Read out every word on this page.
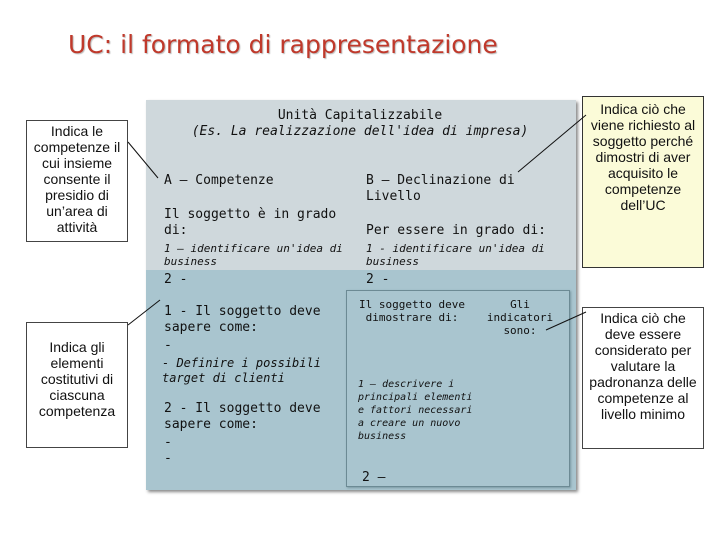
UC: il formato di rappresentazione
Indica le competenze il cui insieme consente il presidio di un’area di attività
Indica gli elementi costitutivi di ciascuna competenza
Unità Capitalizzabile
(Es. La realizzazione dell'idea di impresa)
A – Competenze	B – Declinazione di Livello
Il soggetto è in grado di:	Per essere in grado di:
1 – identificare un'idea di business
2 -
1 - identificare un'idea di business
2 -
1 - Il soggetto deve sapere come:
-
- Definire i possibili target di clienti
2 - Il soggetto deve sapere come:
-
-
Il soggetto deve dimostrare di:
Gli indicatori sono:
1 – descrivere i principali elementi e fattori necessari a creare un nuovo business
2 –
Indica ciò che viene richiesto al soggetto perché dimostri di aver acquisito le competenze dell’UC
Indica ciò che deve essere considerato per valutare la padronanza delle competenze al livello minimo
